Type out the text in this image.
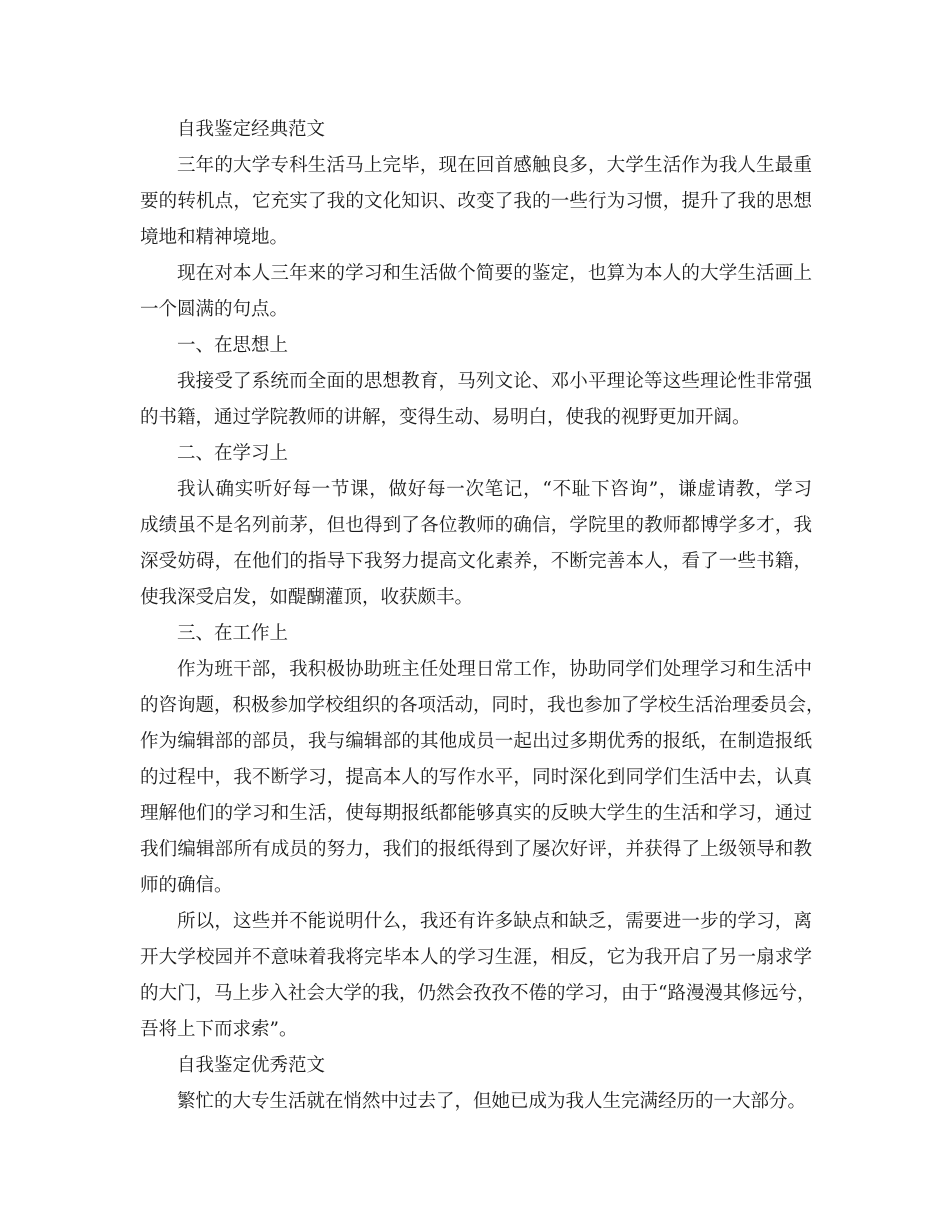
自我鉴定经典范文
三年的大学专科生活马上完毕，现在回首感触良多，大学生活作为我人生最重
要的转机点，它充实了我的文化知识、改变了我的一些行为习惯，提升了我的思想
境地和精神境地。
现在对本人三年来的学习和生活做个简要的鉴定，也算为本人的大学生活画上
一个圆满的句点。
一、在思想上
我接受了系统而全面的思想教育，马列文论、邓小平理论等这些理论性非常强
的书籍，通过学院教师的讲解，变得生动、易明白，使我的视野更加开阔。
二、在学习上
我认确实听好每一节课，做好每一次笔记，“不耻下咨询”，谦虚请教，学习
成绩虽不是名列前茅，但也得到了各位教师的确信，学院里的教师都博学多才，我
深受妨碍，在他们的指导下我努力提高文化素养，不断完善本人，看了一些书籍，
使我深受启发，如醍醐灌顶，收获颇丰。
三、在工作上
作为班干部，我积极协助班主任处理日常工作，协助同学们处理学习和生活中
的咨询题，积极参加学校组织的各项活动，同时，我也参加了学校生活治理委员会，
作为编辑部的部员，我与编辑部的其他成员一起出过多期优秀的报纸，在制造报纸
的过程中，我不断学习，提高本人的写作水平，同时深化到同学们生活中去，认真
理解他们的学习和生活，使每期报纸都能够真实的反映大学生的生活和学习，通过
我们编辑部所有成员的努力，我们的报纸得到了屡次好评，并获得了上级领导和教
师的确信。
所以，这些并不能说明什么，我还有许多缺点和缺乏，需要进一步的学习，离
开大学校园并不意味着我将完毕本人的学习生涯，相反，它为我开启了另一扇求学
的大门，马上步入社会大学的我，仍然会孜孜不倦的学习，由于“路漫漫其修远兮，
吾将上下而求索”。
自我鉴定优秀范文
繁忙的大专生活就在悄然中过去了，但她已成为我人生完满经历的一大部分。
